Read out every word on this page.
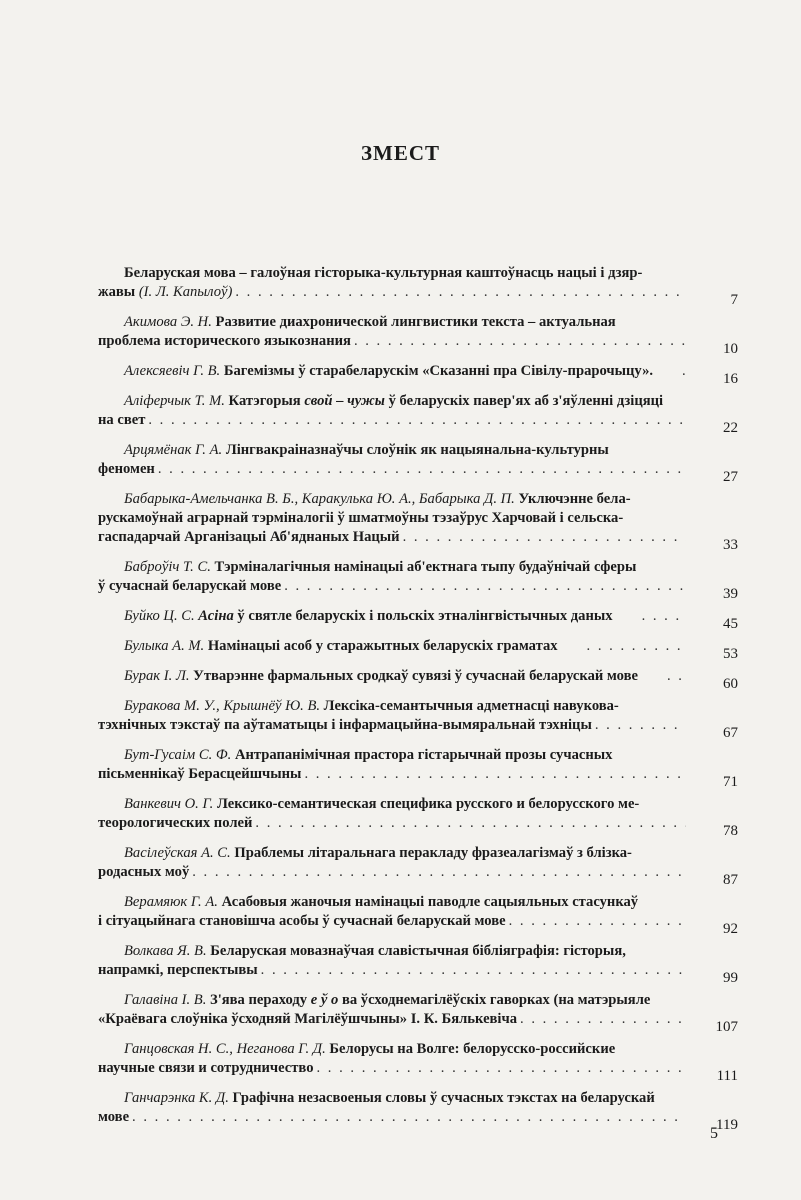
ЗМЕСТ
Беларуская мова – галоўная гісторыка-культурная каштоўнасць нацыі і дзяр-
жавы (І. Л. Капылоў) . . .	7
Акимова Э. Н. Развитие диахронической лингвистики текста – актуальная
проблема исторического языкознания . . .	10
Алексяевіч Г. В. Багемізмы ў старабеларускім «Сказанні пра Сівілу-прарочыцу». . . .	16
Аліферчык Т. М. Катэгорыя свой – чужы ў беларускіх павер'ях аб з'яўленні дзіцяці
на свет . . .	22
Арцямёнак Г. А. Лінгвакраіназнаўчы слоўнік як нацыянальна-культурны
феномен . . .	27
Бабарыка-Амельчанка В. Б., Каракулька Ю. А., Бабарыка Д. П. Уключэнне бела-
рускамоўнай аграрнай тэрміналогіі ў шматмоўны тэзаўрус Харчовай і сельска-
гаспадарчай Арганізацыі Аб'яднаных Нацый . . .	33
Баброўіч Т. С. Тэрміналагічныя намінацыі аб'ектнага тыпу будаўнічай сферы
ў сучаснай беларускай мове . . .	39
Буйко Ц. С. Асіна ў святле беларускіх і польскіх этналінгвістычных даных . . .	45
Булыка А. М. Намінацыі асоб у старажытных беларускіх граматах . . .	53
Бурак І. Л. Утварэнне фармальных сродкаў сувязі ў сучаснай беларускай мове . . .	60
Буракова М. У., Крышнёў Ю. В. Лексіка-семантычныя адметнасці навукова-
тэхнічных тэкстаў па аўтаматыцы і інфармацыйна-вымяральнай тэхніцы . . .	67
Бут-Гусаім С. Ф. Антрапанімічная прастора гістарычнай прозы сучасных
пісьменнікаў Берасцейшчыны . . .	71
Ванкевич О. Г. Лексико-семантическая специфика русского и белорусского ме-
теорологических полей . . .	78
Васілеўская А. С. Праблемы літаральнага перакладу фразеалагізмаў з блізка-
родасных моў . . .	87
Верамяюк Г. А. Асабовыя жаночыя намінацыі паводле сацыяльных стасункаў
і сітуацыйнага становішча асобы ў сучаснай беларускай мове . . .	92
Волкава Я. В. Беларуская мовазнаўчая славістычная бібліяграфія: гісторыя,
напрамкі, перспектывы . . .	99
Галавіна І. В. З'ява пераходу е ў о ва ўсходнемагілёўскіх гаворках (на матэрыяле
«Краёвага слоўніка ўсходняй Магілёўшчыны» І. К. Бялькевіча . . .	107
Ганцовская Н. С., Неганова Г. Д. Белорусы на Волге: белорусско-российские
научные связи и сотрудничество . . .	111
Ганчарэнка К. Д. Графічна незасвоеныя словы ў сучасных тэкстах на беларускай
мове . . .	119
5
